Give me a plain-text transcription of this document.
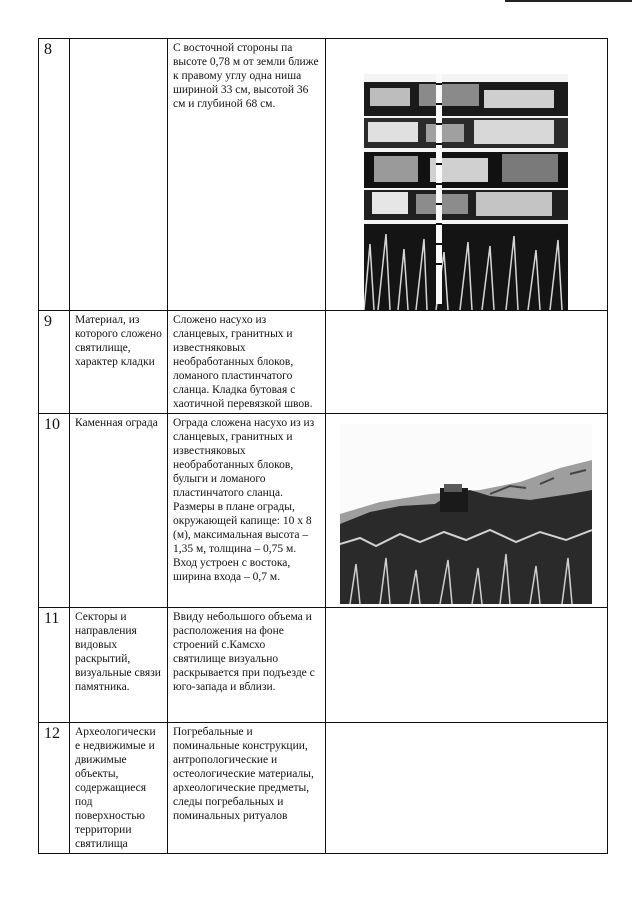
8		С восточной стороны па высоте 0,78 м от земли ближе к правому углу одна ниша шириной 33 см, высотой 36 см и глубиной 68 см.	

9	Материал, из которого сложено святилище, характер кладки	Сложено насухо из сланцевых, гранитных и известняковых необработанных блоков, ломаного пластинчатого сланца. Кладка бутовая с хаотичной перевязкой швов.	
10	Каменная ограда	Ограда сложена насухо из из сланцевых, гранитных и известняковых необработанных блоков, булыги и ломаного пластинчатого сланца. Размеры в плане ограды, окружающей капище: 10 х 8 (м), максимальная высота – 1,35 м, толщина – 0,75 м. Вход устроен с востока, ширина входа – 0,7 м.	

11	Секторы и направления видовых раскрытий, визуальные связи памятника.	Ввиду небольшого объема и расположения на фоне строений с.Камсхо святилище визуально раскрывается при подъезде с юго-запада и вблизи.	
12	Археологически е недвижимые и движимые объекты, содержащиеся под поверхностью территории святилища	Погребальные и поминальные конструкции, антропологические и остеологические материалы, археологические предметы, следы погребальных и поминальных ритуалов	
